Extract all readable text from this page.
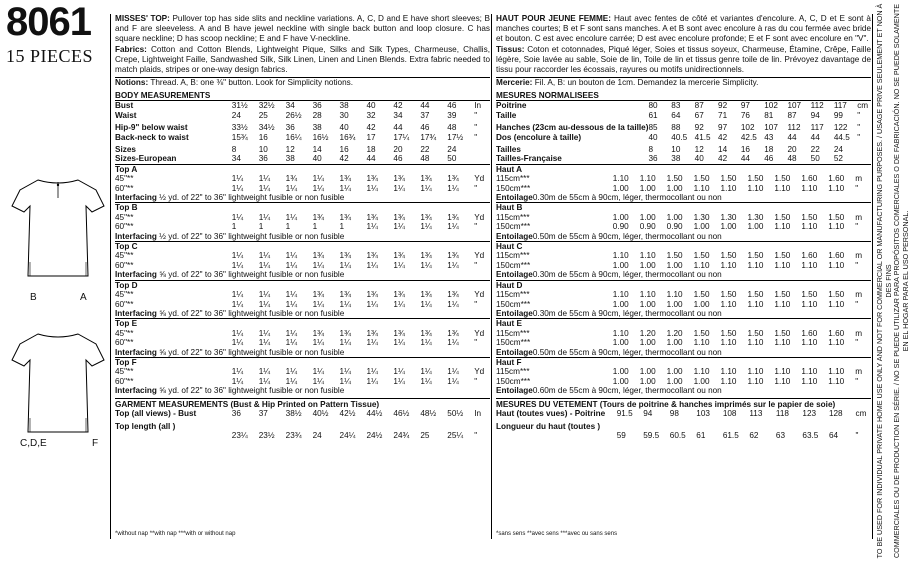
8061
15 PIECES
B	A
C,D,E	F

MISSES' TOP: Pullover top has side slits and neckline variations. A, C, D and E have short sleeves; B and F are sleeveless. A and B have jewel neckline with single back button and loop closure. C has square neckline; D has scoop neckline; E and F have V-neckline.

Fabrics: Cotton and Cotton Blends, Lightweight Pique, Silks and Silk Types, Charmeuse, Challis, Crepe, Lightweight Faille, Sandwashed Silk, Silk Linen, Linen and Linen Blends. Extra fabric needed to match plaids, stripes or one-way design fabrics.

Notions: Thread. A, B: one ⅜" button. Look for Simplicity notions.

BODY MEASUREMENTS
Bust	31½	32½	34	36	38	40	42	44	46	In
Waist	24	25	26½	28	30	32	34	37	39	"

Hip-9" below waist	33½	34½	36	38	40	42	44	46	48	"
Back-neck to waist	15¾	16	16¼	16½	16¾	17	17¼	17¾	17½	"

Sizes	8	10	12	14	16	18	20	22	24	
Sizes-European	34	36	38	40	42	44	46	48	50	
Top A										
45"**	1¼	1¼	1¾	1¼	1¾	1¾	1¾	1¾	1¾	Yd
60"**	1¼	1¼	1¼	1¼	1¼	1¼	1¼	1¼	1¼	"
Interfacing ½ yd. of 22" to 36" lightweight fusible or non fusible										
Top B										
45"**	1¼	1¼	1¼	1¾	1¾	1¾	1¾	1¾	1¾	Yd
60"**	1	1	1	1	1	1¼	1¼	1¼	1¼	"
Interfacing ½ yd. of 22" to 36" lightweight fusible or non fusible										
Top C										
45"**	1¼	1¼	1¼	1¾	1¾	1¾	1¾	1¾	1¾	Yd
60"**	1¼	1¼	1¼	1¼	1¼	1¼	1¼	1¼	1¼	"
Interfacing ⅝ yd. of 22" to 36" lightweight fusible or non fusible										
Top D										
45"**	1¼	1¼	1¼	1¾	1¾	1¾	1¾	1¾	1¾	Yd
60"**	1¼	1¼	1¼	1¼	1¼	1¼	1¼	1¼	1¼	"
Interfacing ⅝ yd. of 22" to 36" lightweight fusible or non fusible										
Top E										
45"**	1¼	1¼	1¼	1¾	1¾	1¾	1¾	1¾	1¾	Yd
60"**	1¼	1¼	1¼	1¼	1¼	1¼	1¼	1¼	1¼	"
Interfacing ⅝ yd. of 22" to 36" lightweight fusible or non fusible										
Top F										
45"**	1¼	1¼	1¼	1¼	1¼	1¼	1¼	1¼	1¼	Yd
60"**	1¼	1¼	1¼	1¼	1¼	1¼	1¼	1¼	1¼	"
Interfacing ⅝ yd. of 22" to 36" lightweight fusible or non fusible										
GARMENT MEASUREMENTS (Bust & Hip Printed on Pattern Tissue)
Top (all views) - Bust	36	37	38½	40½	42½	44½	46½	48½	50½	In

Top length (all )										
	23¼	23½	23¾	24	24¼	24½	24¾	25	25¼	"
*without nap **with nap ***with or without nap

HAUT POUR JEUNE FEMME: Haut avec fentes de côté et variantes d'encolure. A, C, D et E sont à manches courtes; B et F sont sans manches. A et B sont avec encolure à ras du cou fermée avec bride et bouton. C est avec encolure carrée; D est avec encolure profonde; E et F sont avec encolure en "V".

Tissus: Coton et cotonnades, Piqué léger, Soies et tissus soyeux, Charmeuse, Étamine, Crêpe, Faille légère, Soie lavée au sable, Soie de lin, Toile de lin et tissus genre toile de lin. Prévoyez davantage de tissu pour raccorder les écossais, rayures ou motifs unidirectionnels.

Mercerie: Fil. A, B: un bouton de 1cm. Demandez la mercerie Simplicity.

MESURES NORMALISEES
Poitrine	80	83	87	92	97	102	107	112	117	cm
Taille	61	64	67	71	76	81	87	94	99	"

Hanches (23cm au-dessous de la taille)	85	88	92	97	102	107	112	117	122	"
Dos (encolure à taille)	40	40.5	41.5	42	42.5	43	44	44	44.5	"

Tailles	8	10	12	14	16	18	20	22	24	
Tailles-Française	36	38	40	42	44	46	48	50	52	
Haut A										
115cm***	1.10	1.10	1.50	1.50	1.50	1.50	1.50	1.60	1.60	m
150cm***	1.00	1.00	1.00	1.10	1.10	1.10	1.10	1.10	1.10	"
Entoilage0.30m de 55cm à 90cm, léger, thermocollant ou non										
Haut B										
115cm***	1.00	1.00	1.00	1.30	1.30	1.30	1.50	1.50	1.50	m
150cm***	0.90	0.90	0.90	1.00	1.00	1.00	1.10	1.10	1.10	"
Entoilage0.50m de 55cm à 90cm, léger, thermocollant ou non										
Haut C										
115cm***	1.10	1.10	1.50	1.50	1.50	1.50	1.50	1.60	1.60	m
150cm***	1.00	1.00	1.00	1.10	1.10	1.10	1.10	1.10	1.10	"
Entoilage0.30m de 55cm à 90cm, léger, thermocollant ou non										
Haut D										
115cm***	1.10	1.10	1.10	1.50	1.50	1.50	1.50	1.50	1.50	m
150cm***	1.00	1.00	1.00	1.00	1.10	1.10	1.10	1.10	1.10	"
Entoilage0.30m de 55cm à 90cm, léger, thermocollant ou non										
Haut E										
115cm***	1.10	1.20	1.20	1.50	1.50	1.50	1.50	1.60	1.60	m
150cm***	1.00	1.00	1.00	1.10	1.10	1.10	1.10	1.10	1.10	"
Entoilage0.50m de 55cm à 90cm, léger, thermocollant ou non										
Haut F										
115cm***	1.00	1.00	1.00	1.10	1.10	1.10	1.10	1.10	1.10	m
150cm***	1.00	1.00	1.00	1.00	1.10	1.10	1.10	1.10	1.10	"
Entoilage0.60m de 55cm à 90cm, léger, thermocollant ou non										
MESURES DU VETEMENT (Tours de poitrine & hanches imprimés sur le papier de soie)
Haut (toutes vues) - Poitrine	91.5	94	98	103	108	113	118	123	128	cm

Longueur du haut (toutes )										
	59	59.5	60.5	61	61.5	62	63	63.5	64	"
*sans sens **avec sens ***avec ou sans sens	TO BE USED FOR INDIVIDUAL PRIVATE HOME USE ONLY AND NOT FOR COMMERCIAL OR MANUFACTURING PURPOSES. / USAGE PRIVE SEULEMENT ET NON À DES FINS COMMERCIALES OU DE PRODUCTION EN SÉRIE. / NO SE PUEDE UTILIZAR PARA PROPÓSITOS COMERCIALES O DE FABRICACIÓN. NO SE PUEDE SOLAMENTE EN EL HOGAR PARA EL USO PERSONAL.
